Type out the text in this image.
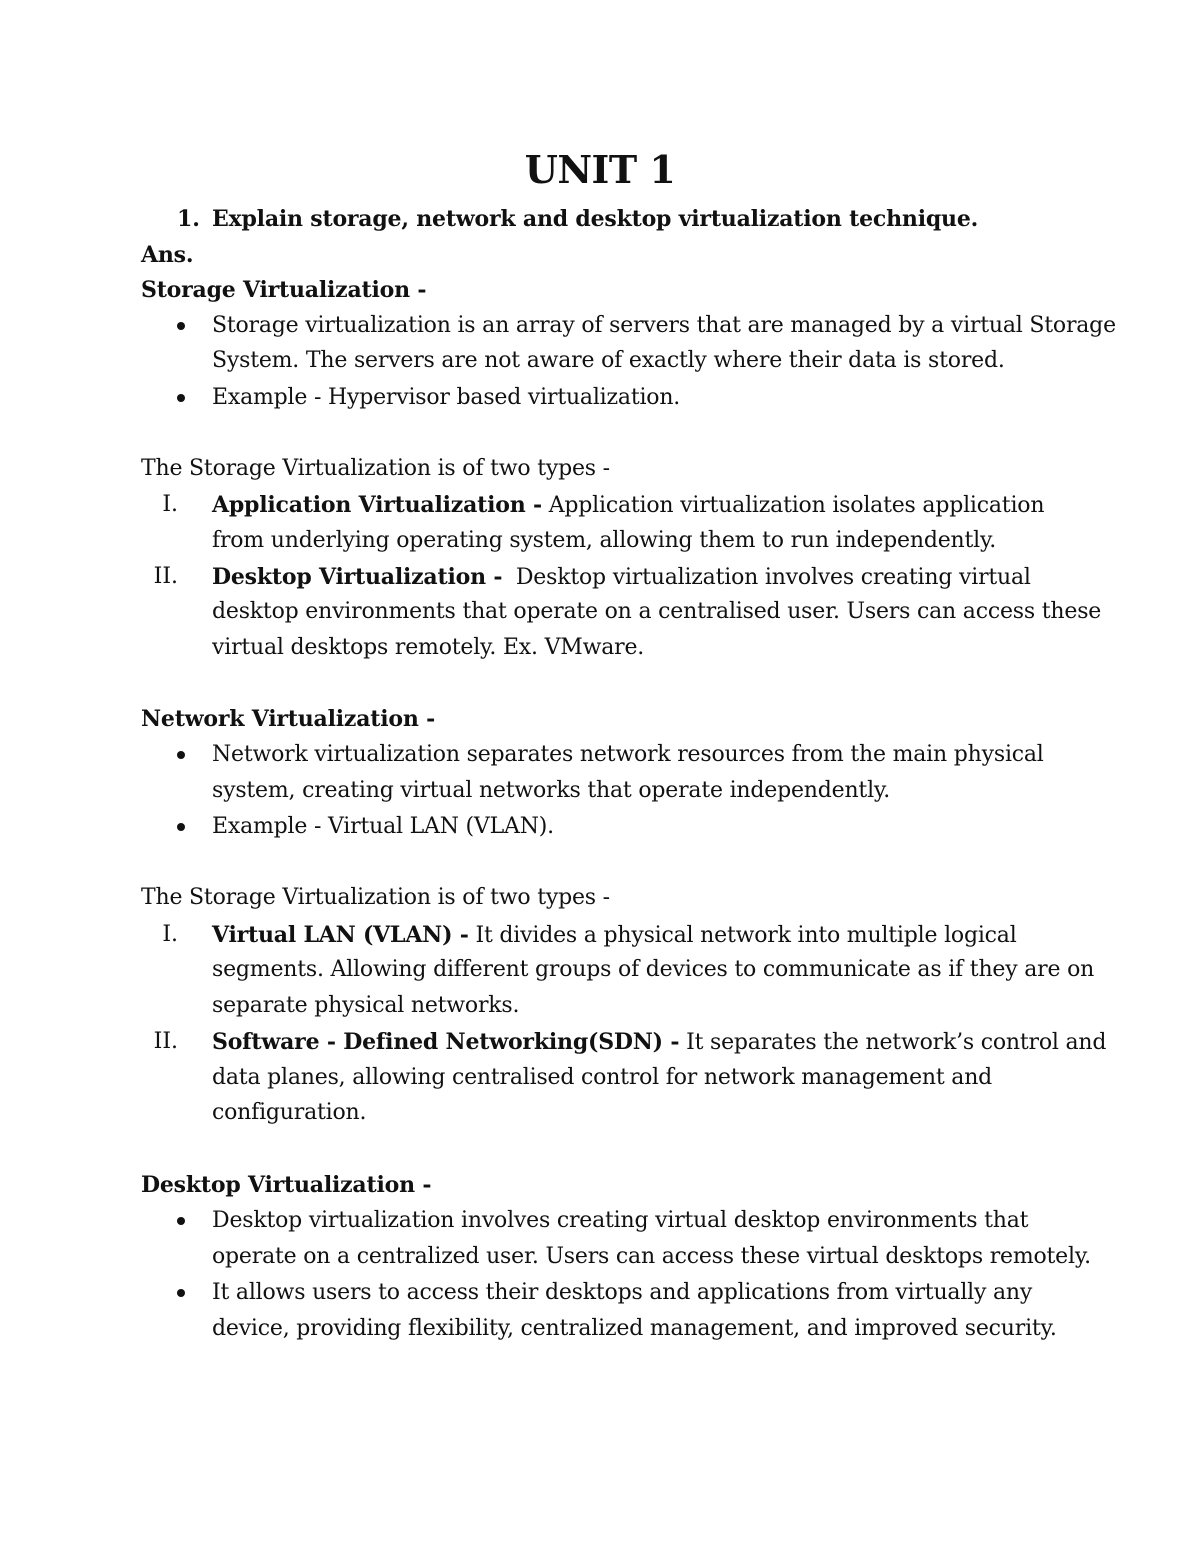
UNIT 1
1. Explain storage, network and desktop virtualization technique.
Ans.
Storage Virtualization -
Storage virtualization is an array of servers that are managed by a virtual Storage
System. The servers are not aware of exactly where their data is stored.
Example - Hypervisor based virtualization.
The Storage Virtualization is of two types -
I. Application Virtualization - Application virtualization isolates application
from underlying operating system, allowing them to run independently.
II. Desktop Virtualization -  Desktop virtualization involves creating virtual
desktop environments that operate on a centralised user. Users can access these
virtual desktops remotely. Ex. VMware.
Network Virtualization -
Network virtualization separates network resources from the main physical
system, creating virtual networks that operate independently.
Example - Virtual LAN (VLAN).
The Storage Virtualization is of two types -
I. Virtual LAN (VLAN) - It divides a physical network into multiple logical
segments. Allowing different groups of devices to communicate as if they are on
separate physical networks.
II. Software - Defined Networking(SDN) - It separates the network’s control and
data planes, allowing centralised control for network management and
configuration.
Desktop Virtualization -
Desktop virtualization involves creating virtual desktop environments that
operate on a centralized user. Users can access these virtual desktops remotely.
It allows users to access their desktops and applications from virtually any
device, providing flexibility, centralized management, and improved security.
